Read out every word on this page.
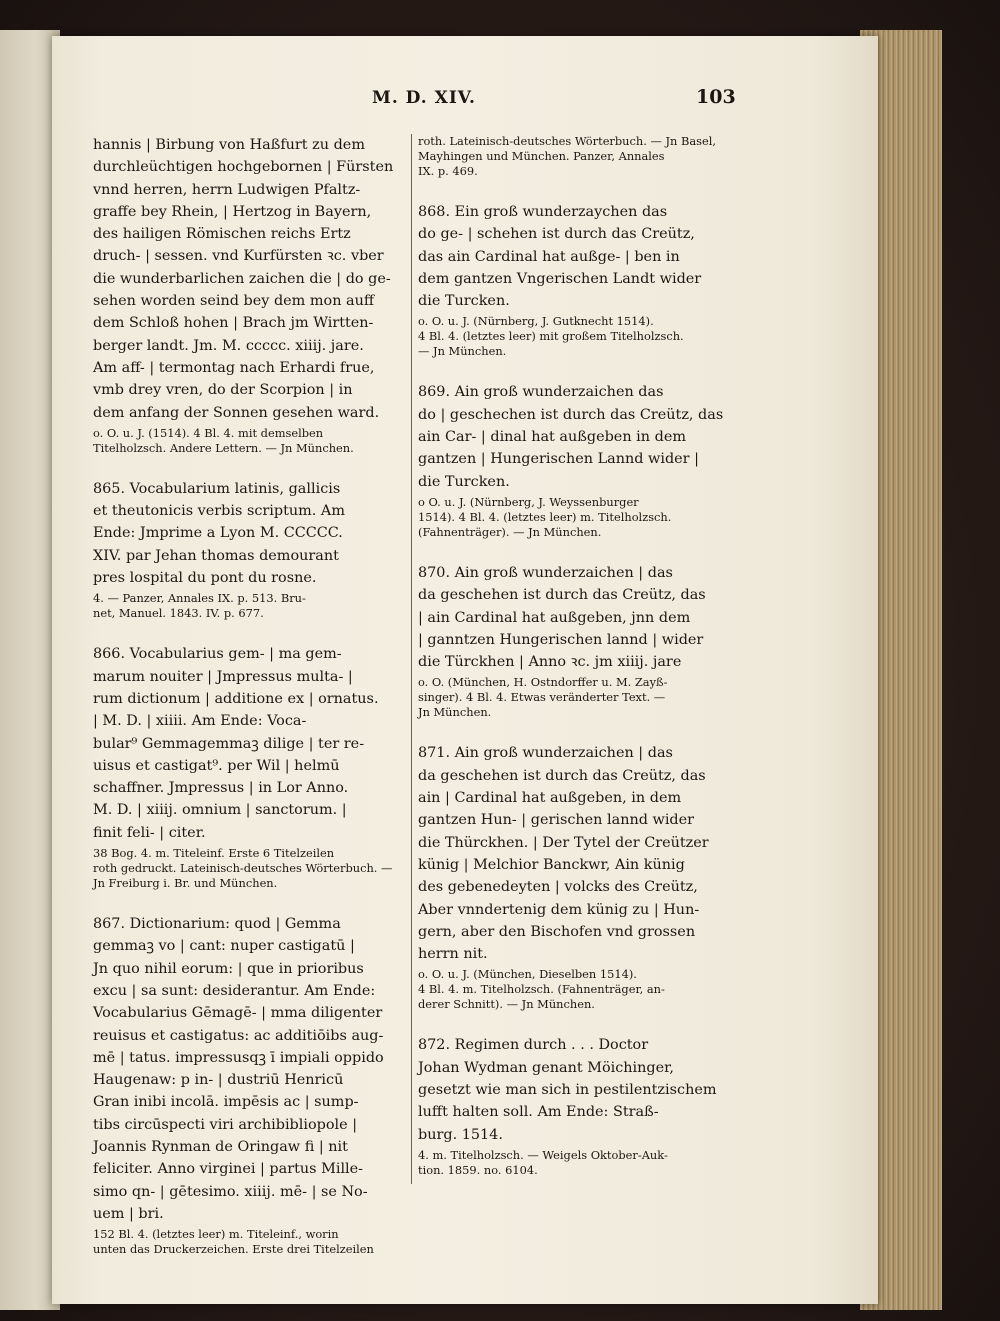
M. D. XIV.	103

hannis | Birbung von Haßfurt zu dem
durchleüchtigen hochgebornen | Fürsten
vnnd herren, herrn Ludwigen Pfaltz-
graffe bey Rhein, | Hertzog in Bayern,
des hailigen Römischen reichs Ertz
druch- | sessen. vnd Kurfürsten ꝛc. vber
die wunderbarlichen zaichen die | do ge-
sehen worden seind bey dem mon auff
dem Schloß hohen | Brach jm Wirtten-
berger landt. Jm. M. ccccc. xiiij. jare.
Am aff- | termontag nach Erhardi frue,
vmb drey vren, do der Scorpion | in
dem anfang der Sonnen gesehen ward.

o. O. u. J. (1514). 4 Bl. 4. mit demselben
Titelholzsch. Andere Lettern. — Jn München.

865. Vocabularium latinis, gallicis
et theutonicis verbis scriptum. Am
Ende: Jmprime a Lyon M. CCCCC.
XIV. par Jehan thomas demourant
pres lospital du pont du rosne.

4. — Panzer, Annales IX. p. 513. Bru-
net, Manuel. 1843. IV. p. 677.

866. Vocabularius gem- | ma gem-
marum nouiter | Jmpressus multa- |
rum dictionum | additione ex | ornatus.
| M. D. | xiiii. Am Ende: Voca-
bular⁹ Gemmagemmaꝫ dilige | ter re-
uisus et castigat⁹. per Wil | helmū
schaffner. Jmpressus | in Lor Anno.
M. D. | xiiij. omnium | sanctorum. |
finit feli- | citer.

38 Bog. 4. m. Titeleinf. Erste 6 Titelzeilen
roth gedruckt. Lateinisch-deutsches Wörterbuch. —
Jn Freiburg i. Br. und München.

867. Dictionarium: quod | Gemma
gemmaꝫ vo | cant: nuper castigatū |
Jn quo nihil eorum: | que in prioribus
excu | sa sunt: desiderantur. Am Ende:
Vocabularius Gēmagē- | mma diligenter
reuisus et castigatus: ac additiōibs aug-
mē | tatus. impressusqꝫ ī impiali oppido
Haugenaw: p in- | dustriū Henricū
Gran inibi incolā. impēsis ac | sump-
tibs circūspecti viri archibibliopole |
Joannis Rynman de Oringaw fi | nit
feliciter. Anno virginei | partus Mille-
simo qn- | gētesimo. xiiij. mē- | se No-
uem | bri.

152 Bl. 4. (letztes leer) m. Titeleinf., worin
unten das Druckerzeichen. Erste drei Titelzeilen

roth. Lateinisch-deutsches Wörterbuch. — Jn Basel,
Mayhingen und München. Panzer, Annales
IX. p. 469.

868. Ein groß wunderzaychen das
do ge- | schehen ist durch das Creütz,
das ain Cardinal hat außge- | ben in
dem gantzen Vngerischen Landt wider
die Turcken.

o. O. u. J. (Nürnberg, J. Gutknecht 1514).
4 Bl. 4. (letztes leer) mit großem Titelholzsch.
— Jn München.

869. Ain groß wunderzaichen das
do | geschechen ist durch das Creütz, das
ain Car- | dinal hat außgeben in dem
gantzen | Hungerischen Lannd wider |
die Turcken.

o O. u. J. (Nürnberg, J. Weyssenburger
1514). 4 Bl. 4. (letztes leer) m. Titelholzsch.
(Fahnenträger). — Jn München.

870. Ain groß wunderzaichen | das
da geschehen ist durch das Creütz, das
| ain Cardinal hat außgeben, jnn dem
| ganntzen Hungerischen lannd | wider
die Türckhen | Anno ꝛc. jm xiiij. jare

o. O. (München, H. Ostndorffer u. M. Zayß-
singer). 4 Bl. 4. Etwas veränderter Text. —
Jn München.

871. Ain groß wunderzaichen | das
da geschehen ist durch das Creütz, das
ain | Cardinal hat außgeben, in dem
gantzen Hun- | gerischen lannd wider
die Thürckhen. | Der Tytel der Creützer
künig | Melchior Banckwr, Ain künig
des gebenedeyten | volcks des Creütz,
Aber vnndertenig dem künig zu | Hun-
gern, aber den Bischofen vnd grossen
herrn nit.

o. O. u. J. (München, Dieselben 1514).
4 Bl. 4. m. Titelholzsch. (Fahnenträger, an-
derer Schnitt). — Jn München.

872. Regimen durch . . . Doctor
Johan Wydman genant Möichinger,
gesetzt wie man sich in pestilentzischem
lufft halten soll. Am Ende: Straß-
burg. 1514.

4. m. Titelholzsch. — Weigels Oktober-Auk-
tion. 1859. no. 6104.
